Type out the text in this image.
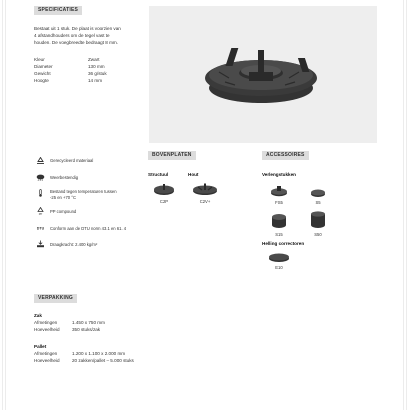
SPECIFICATIES
Bestaat uit 1 stuk. De plaat is voorzien van
4 afstandhouders om de tegel vast te
houden. De voegbreedte bedraagt 8 mm.
Kleur	Zwart
Diameter	130 mm
Gewicht	36 g/stuk
Hoogte	14 mm
Gerecycleerd materiaal
Weerbestendig
Bestand tegen temperaturen tussen
-25 en +70 °C
PP
PP compound
DTU Conform aan de DTU norm 43.1 en 61. 4
Draagkracht: 2.400 kg/m²
BOVENPLATEN
Structuul	Hout
C2P	C2V+
ACCESSOIRES
Verlengstukken
FS5	S5
S15	S50
Helling correctoren
E10
VERPAKKING
Zak
Afmetingen	1.450 x 750 mm
Hoeveelheid	350 stuks/zak
Pallet
Afmetingen	1.200 x 1.100 x 2.000 mm
Hoeveelheid	20 zakken/pallet – 5.000 stuks
